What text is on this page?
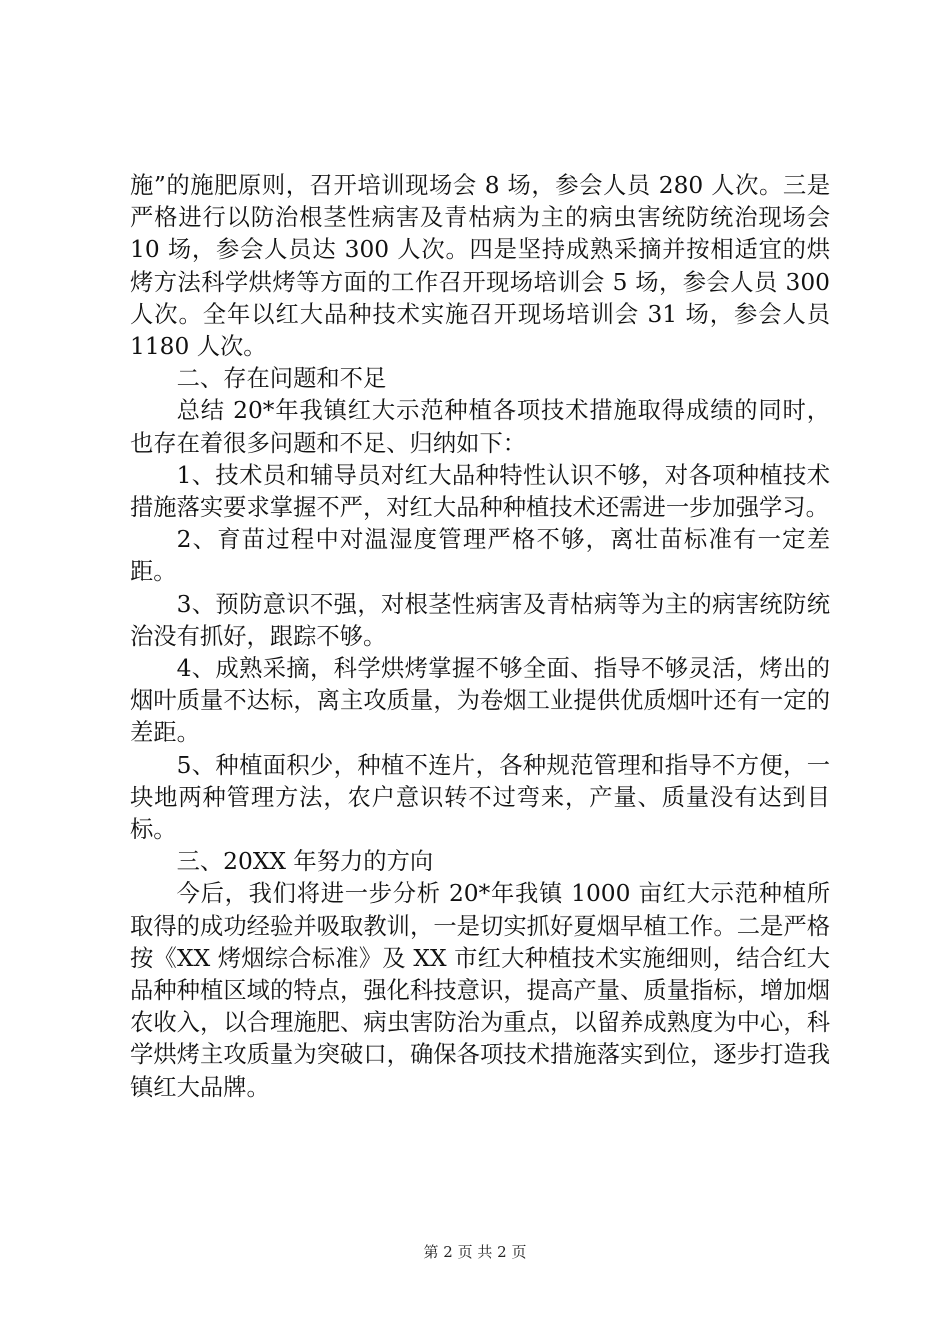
施”的施肥原则，召开培训现场会 8 场，参会人员 280 人次。三是严格进行以防治根茎性病害及青枯病为主的病虫害统防统治现场会 10 场，参会人员达 300 人次。四是坚持成熟采摘并按相适宜的烘烤方法科学烘烤等方面的工作召开现场培训会 5 场，参会人员 300 人次。全年以红大品种技术实施召开现场培训会 31 场，参会人员 1180 人次。

二、存在问题和不足

总结 20*年我镇红大示范种植各项技术措施取得成绩的同时，也存在着很多问题和不足、归纳如下：

1、技术员和辅导员对红大品种特性认识不够，对各项种植技术措施落实要求掌握不严，对红大品种种植技术还需进一步加强学习。

2、育苗过程中对温湿度管理严格不够，离壮苗标准有一定差距。

3、预防意识不强，对根茎性病害及青枯病等为主的病害统防统治没有抓好，跟踪不够。

4、成熟采摘，科学烘烤掌握不够全面、指导不够灵活，烤出的烟叶质量不达标，离主攻质量，为卷烟工业提供优质烟叶还有一定的差距。

5、种植面积少，种植不连片，各种规范管理和指导不方便，一块地两种管理方法，农户意识转不过弯来，产量、质量没有达到目标。

三、20XX 年努力的方向

今后，我们将进一步分析 20*年我镇 1000 亩红大示范种植所取得的成功经验并吸取教训，一是切实抓好夏烟早植工作。二是严格按《XX 烤烟综合标准》及 XX 市红大种植技术实施细则，结合红大品种种植区域的特点，强化科技意识，提高产量、质量指标，增加烟农收入，以合理施肥、病虫害防治为重点，以留养成熟度为中心，科学烘烤主攻质量为突破口，确保各项技术措施落实到位，逐步打造我镇红大品牌。

第 2 页 共 2 页
